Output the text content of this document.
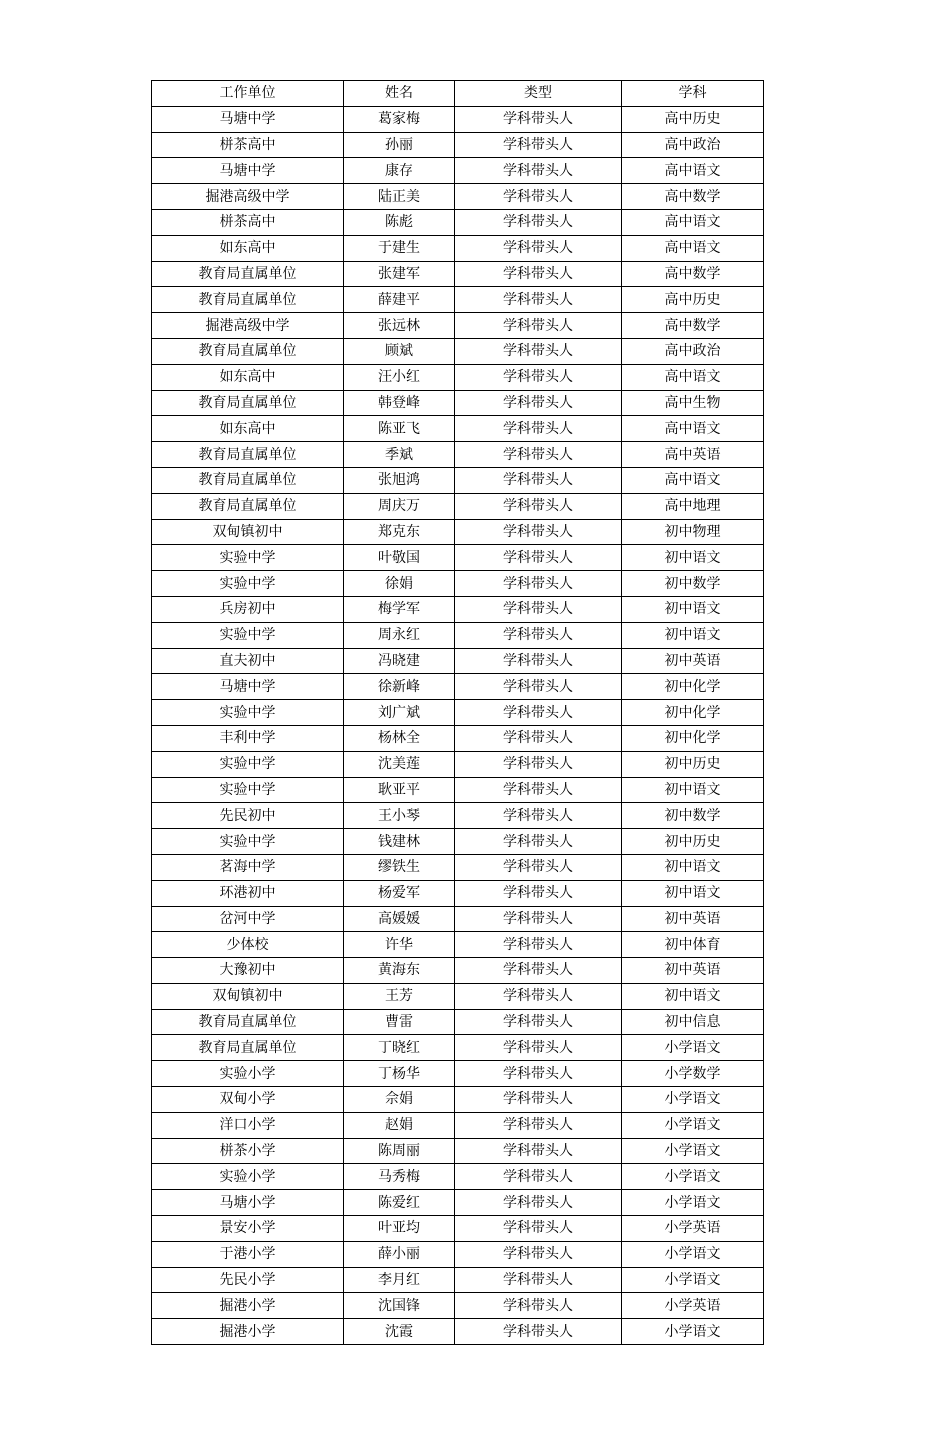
工作单位	姓名	类型	学科
马塘中学	葛家梅	学科带头人	高中历史
栟茶高中	孙丽	学科带头人	高中政治
马塘中学	康存	学科带头人	高中语文
掘港高级中学	陆正美	学科带头人	高中数学
栟茶高中	陈彪	学科带头人	高中语文
如东高中	于建生	学科带头人	高中语文
教育局直属单位	张建军	学科带头人	高中数学
教育局直属单位	薛建平	学科带头人	高中历史
掘港高级中学	张远林	学科带头人	高中数学
教育局直属单位	顾斌	学科带头人	高中政治
如东高中	汪小红	学科带头人	高中语文
教育局直属单位	韩登峰	学科带头人	高中生物
如东高中	陈亚飞	学科带头人	高中语文
教育局直属单位	季斌	学科带头人	高中英语
教育局直属单位	张旭鸿	学科带头人	高中语文
教育局直属单位	周庆万	学科带头人	高中地理
双甸镇初中	郑克东	学科带头人	初中物理
实验中学	叶敬国	学科带头人	初中语文
实验中学	徐娟	学科带头人	初中数学
兵房初中	梅学军	学科带头人	初中语文
实验中学	周永红	学科带头人	初中语文
直夫初中	冯晓建	学科带头人	初中英语
马塘中学	徐新峰	学科带头人	初中化学
实验中学	刘广斌	学科带头人	初中化学
丰利中学	杨林全	学科带头人	初中化学
实验中学	沈美莲	学科带头人	初中历史
实验中学	耿亚平	学科带头人	初中语文
先民初中	王小琴	学科带头人	初中数学
实验中学	钱建林	学科带头人	初中历史
茗海中学	缪铁生	学科带头人	初中语文
环港初中	杨爱军	学科带头人	初中语文
岔河中学	高媛媛	学科带头人	初中英语
少体校	许华	学科带头人	初中体育
大豫初中	黄海东	学科带头人	初中英语
双甸镇初中	王芳	学科带头人	初中语文
教育局直属单位	曹雷	学科带头人	初中信息
教育局直属单位	丁晓红	学科带头人	小学语文
实验小学	丁杨华	学科带头人	小学数学
双甸小学	佘娟	学科带头人	小学语文
洋口小学	赵娟	学科带头人	小学语文
栟茶小学	陈周丽	学科带头人	小学语文
实验小学	马秀梅	学科带头人	小学语文
马塘小学	陈爱红	学科带头人	小学语文
景安小学	叶亚均	学科带头人	小学英语
于港小学	薛小丽	学科带头人	小学语文
先民小学	李月红	学科带头人	小学语文
掘港小学	沈国锋	学科带头人	小学英语
掘港小学	沈霞	学科带头人	小学语文
